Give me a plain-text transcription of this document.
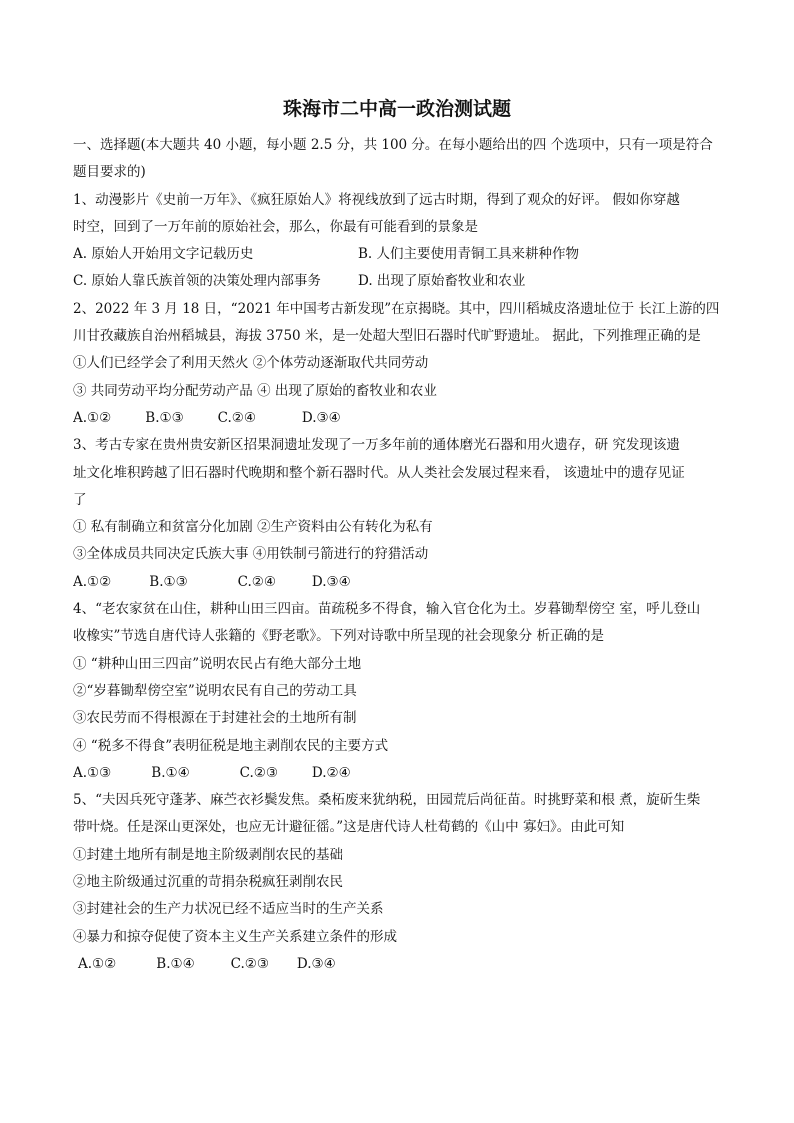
珠海市二中高一政治测试题
一、选择题(本大题共 40 小题，每小题 2.5 分，共 100 分。在每小题给出的四 个选项中，只有一项是符合
题目要求的)
1、动漫影片《史前一万年》、《疯狂原始人》将视线放到了远古时期，得到了观众的好评。 假如你穿越
时空，回到了一万年前的原始社会，那么，你最有可能看到的景象是
A. 原始人开始用文字记载历史	B. 人们主要使用青铜工具来耕种作物
C. 原始人靠氏族首领的决策处理内部事务	D. 出现了原始畜牧业和农业
2、2022 年 3 月 18 日，“2021 年中国考古新发现”在京揭晓。其中，四川稻城皮洛遗址位于 长江上游的四
川甘孜藏族自治州稻城县，海拔 3750 米，是一处超大型旧石器时代旷野遗址。 据此，下列推理正确的是
①人们已经学会了利用天然火 ②个体劳动逐渐取代共同劳动
③ 共同劳动平均分配劳动产品 ④ 出现了原始的畜牧业和农业
A.①②	B.①③	C.②④	D.③④
3、考古专家在贵州贵安新区招果洞遗址发现了一万多年前的通体磨光石器和用火遗存，研 究发现该遗
址文化堆积跨越了旧石器时代晚期和整个新石器时代。从人类社会发展过程来看， 该遗址中的遗存见证
了
① 私有制确立和贫富分化加剧 ②生产资料由公有转化为私有
③全体成员共同决定氏族大事 ④用铁制弓箭进行的狩猎活动
A.①②	B.①③	C.②④	D.③④
4、“老农家贫在山住，耕种山田三四亩。苗疏税多不得食，输入官仓化为土。岁暮锄犁傍空 室，呼儿登山
收橡实”节选自唐代诗人张籍的《野老歌》。下列对诗歌中所呈现的社会现象分 析正确的是
① “耕种山田三四亩”说明农民占有绝大部分土地
②“岁暮锄犁傍空室”说明农民有自己的劳动工具
③农民劳而不得根源在于封建社会的土地所有制
④ “税多不得食”表明征税是地主剥削农民的主要方式
A.①③	B.①④	C.②③	D.②④
5、“夫因兵死守蓬茅、麻苎衣衫鬓发焦。桑柘废来犹纳税，田园荒后尚征苗。时挑野菜和根 煮，旋斫生柴
带叶烧。任是深山更深处，也应无计避征徭。”这是唐代诗人杜荀鹤的《山中 寡妇》。由此可知
①封建土地所有制是地主阶级剥削农民的基础
②地主阶级通过沉重的苛捐杂税疯狂剥削农民
③封建社会的生产力状况已经不适应当时的生产关系
④暴力和掠夺促使了资本主义生产关系建立条件的形成
A.①②	B.①④	C.②③ D.③④
